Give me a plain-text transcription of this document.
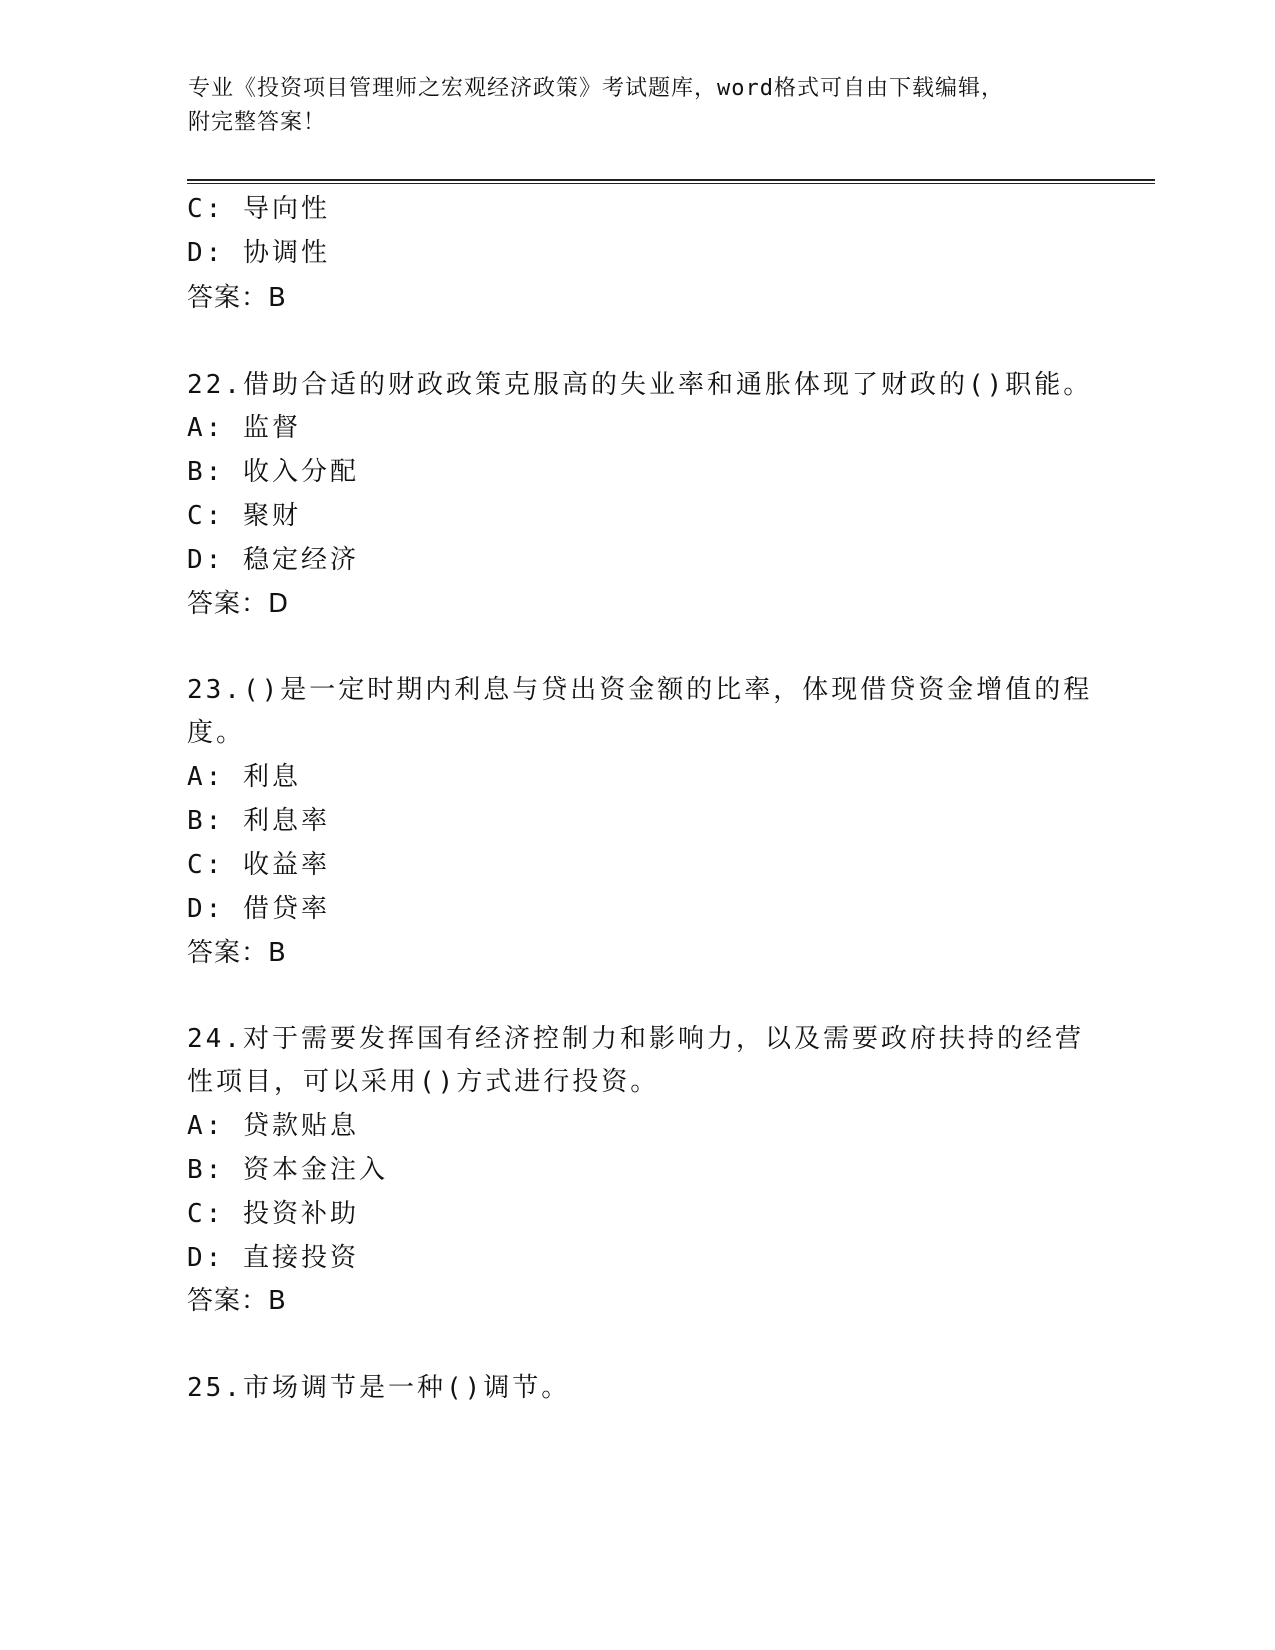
专业《投资项目管理师之宏观经济政策》考试题库，word格式可自由下载编辑，
附完整答案！
C: 导向性
D: 协调性
答案：B
22.借助合适的财政政策克服高的失业率和通胀体现了财政的()职能。
A: 监督
B: 收入分配
C: 聚财
D: 稳定经济
答案：D
23.()是一定时期内利息与贷出资金额的比率，体现借贷资金增值的程
度。
A: 利息
B: 利息率
C: 收益率
D: 借贷率
答案：B
24.对于需要发挥国有经济控制力和影响力，以及需要政府扶持的经营
性项目，可以采用()方式进行投资。
A: 贷款贴息
B: 资本金注入
C: 投资补助
D: 直接投资
答案：B
25.市场调节是一种()调节。
